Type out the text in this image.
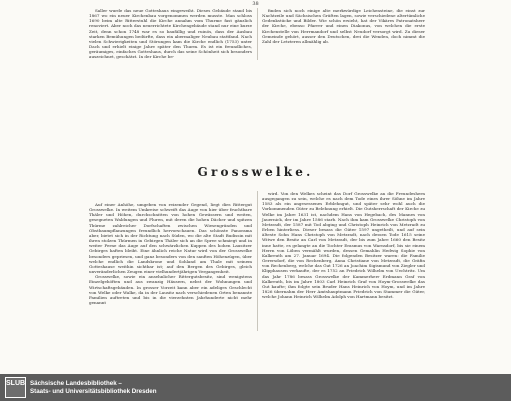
38

Saller wurde das neue Gotteshaus eingeweiht. Dieses Gebäude stand bis 1867 wo ein neuer Kirchenbau vorgenommen werden musste. Man schloss 1690 beim alte Ritterstuhl die Kirche annahm vom Thurme fast gänzlich renoviert. Aber noch das neuerrichtete Kirchengebäude stand nur eine kurze Zeit, denn schon 1748 war es so baufällig und ruinös, dass der Ausbau starken Bemühungen bedürfte, dass ein abermaliger Neubau stattfand. Nach vielen Schwierigkeiten und Störungen kam die Kirche endlich (1753) unter Dach und erhielt einige Jahre später den Thurm. Es ist ein freundliches, geräumiges, einfaches Gotteshaus, durch das seine Schönheit sich besonders auszeichnet, geschätzt. In der Kirche be-

finden sich noch einige alte merkwürdige Leichensteine, die einst zur Nachtzeile und Sächsischen Grüften lagen, sowie verschiedene altertümliche Gedenkstücke und Bilder. Wie schön ersieht, hat der Vikäres Patronatsherr der Kirche, ebenso Pfarrer und einen Diakonus, von welchen die erste Kirchenstelle von Herrmandorf und selbst Neudorf versorgt wird. Zu dieser Gemeinde gehört, ausser den Deutschen, drei die Wenden, doch nimmt die Zahl der Letzteren allmählig ab.

Grosswelke.

Auf einer Anhöhe, umgeben von reizender Gegend, liegt dies Rittergut Grosswelke. In weitem Umkreise schweift das Auge von hier über fruchtbare Thäler und Höhen, durchschnitten von hohen Gewässern und weiten, gesegneten Waldungen und Fluren, mit deren die hohen Dächer und spitzen Thürme zahlreicher Dorfschaften zwischen Wiesengründen und Obstbaumpflanzungen freundlich hervorschauen. Das schönste Panorama aber, bietet sich in der Richtung nach Süden, wo die alte Stadt Budissin mit ihren stolzen Thürmen in Gebirgen Thäler sich an die Spree schmiegt und in weiter Ferne das Auge auf den schwärzlichen Kuppen des hohen Lausitzer Gebirges haften bleibt. Eine ähnlich reiche Natur wird von der Grosswelke besonders gepriesen, und ganz besonders von den sanften Höhenzügen, über welche endlich die Landskrone und Sohland am Thale mit seinem Gotteshause weithin sichtbar ist; auf den Bergen des Gebirges, gleich unveränderlichen Zeugen einer vielhundertjährigen Vergangenheit.

Grosswelke, sowie ein ansehnlicher Rittergutsbesitz, sind wenigstens Einzelgehöften und aus zwanzig Häusern, nebst der Wohnungen und Wirtschaftsgebäuden. In grosser Vorzeit kann aber ein adeliges Geschlecht von Welke oder Walke, da in der Lausitz nach verschiedenen Orten benannte Familien auftreten und bis in die vierzehnten Jahrhunderte nicht mehr genannt

wird. Von den Welkes scheint das Dorf Grosswelke an die Freundeshern ausgegangen zu sein, welche es nach dem Tode eines ihrer Söhne im Jahre 1583 als ein angesessenes Erblehngut, und später sehr wohl auch die Vorkommenden Güter zu Belehnung erhielt. Die Gutsherrschaft der Kirche zu Welke im Jahre 1631 ist, nachdem Hans von Hegebach, des Mannes von Jauernick, der im Jahre 1586 starb. Nach ihm kam Grosswelke Christoph von Metzradt, der 1587 mit Tod abging und Christoph Heinrich von Metzradt zu Erben hinterliess. Dieser besass die Güter 1597 ungetheilt, und auf sein älteste Sohn Hans Christoph von Metzradt, nach dessen Tode 1615 seine Witwe den Besitz an Carl von Metzradt, der bis zum Jahre 1660 den Besitz inne hatte, es gelangte an die Tochter Erasmus von Warnsdorf, bis sie einem Herrn von Löben vermählt wurden, dessen Gemahlin Hedwig Sophie von Kalkreuth am 27. Januar 1694. Die folgenden Besitzer waren: die Familie Gerersdorf, die von Rechenberg, Anna Christiane von Metzradt, die Gräfin von Rechenberg, welche das Gut 1726 an Joachim Sigismund von Ziegler und Klipphausen verkaufte, der es 1752 an Friedrich Wilhelm von Uechtritz. Um das Jahr 1786 besass Grosswelke der Kammerherr Erdmann Graf von Kalkreuth, bis im Jahre 1803 Carl Heinrich Graf von Hoym-Grosswelke das Gut kaufte; ihm folgte sein Bruder Hans Heinrich von Hoym, und im Jahre 1826 übernahm der Herr Amtshauptmann Friedrich von Stammer die Güter, welche Johann Heinrich Wilhelm Adolph von Hartmann besitzt.

SLUB Sächsische Landesbibliothek –
Staats- und Universitätsbibliothek Dresden
